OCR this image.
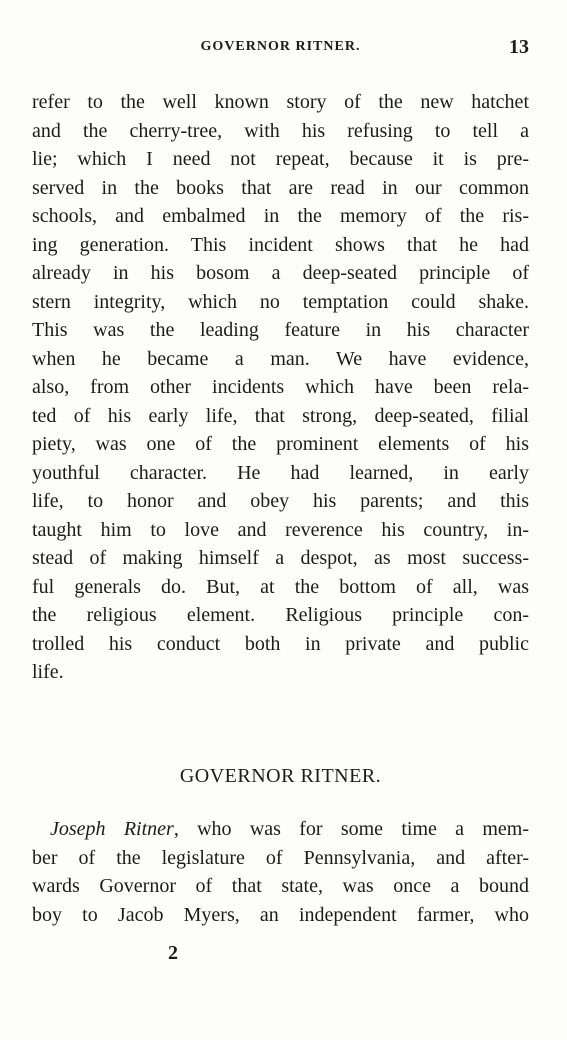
GOVERNOR RITNER.	13
refer to the well known story of the new hatchet
and the cherry-tree, with his refusing to tell a
lie; which I need not repeat, because it is pre-
served in the books that are read in our common
schools, and embalmed in the memory of the ris-
ing generation. This incident shows that he had
already in his bosom a deep-seated principle of
stern integrity, which no temptation could shake.
This was the leading feature in his character
when he became a man. We have evidence,
also, from other incidents which have been rela-
ted of his early life, that strong, deep-seated, filial
piety, was one of the prominent elements of his
youthful character. He had learned, in early
life, to honor and obey his parents; and this
taught him to love and reverence his country, in-
stead of making himself a despot, as most success-
ful generals do. But, at the bottom of all, was
the religious element. Religious principle con-
trolled his conduct both in private and public
life.
GOVERNOR RITNER.
Joseph Ritner, who was for some time a mem-
ber of the legislature of Pennsylvania, and after-
wards Governor of that state, was once a bound
boy to Jacob Myers, an independent farmer, who
2
